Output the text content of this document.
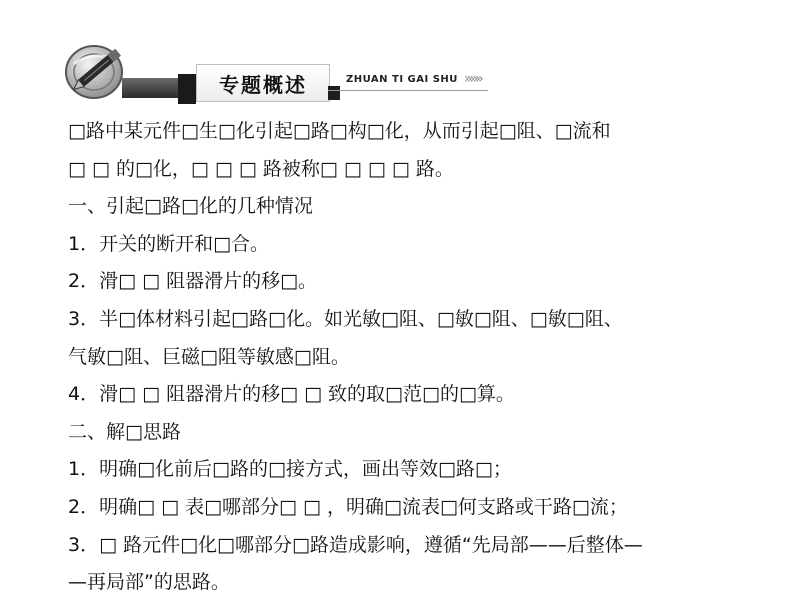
专题概述	ZHUAN TI GAI SHU »»»
□路中某元件□生□化引起□路□构□化，从而引起□阻、□流和
□ □ 的□化，□ □ □ 路被称□ □ □ □ 路。
一、引起□路□化的几种情况
1．开关的断开和□合。
2．滑□ □ 阻器滑片的移□。
3．半□体材料引起□路□化。如光敏□阻、□敏□阻、□敏□阻、
气敏□阻、巨磁□阻等敏感□阻。
4．滑□ □ 阻器滑片的移□ □ 致的取□范□的□算。
二、解□思路
1．明确□化前后□路的□接方式，画出等效□路□；
2．明确□ □ 表□哪部分□ □ ，明确□流表□何支路或干路□流；
3．□ 路元件□化□哪部分□路造成影响，遵循“先局部——后整体—
—再局部”的思路。
